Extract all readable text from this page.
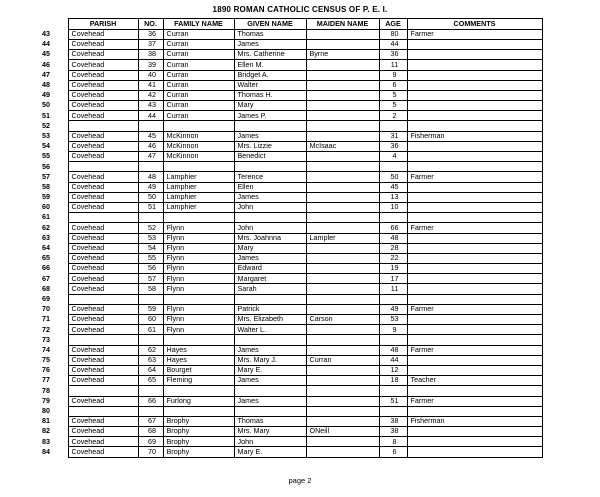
1890 ROMAN CATHOLIC CENSUS OF P. E. I.
	PARISH	NO.	FAMILY NAME	GIVEN NAME	MAIDEN NAME	AGE	COMMENTS
43	Covehead	36	Curran	Thomas		80	Farmer
44	Covehead	37	Curran	James		44	
45	Covehead	38	Curran	Mrs. Catherine	Byrne	36	
46	Covehead	39	Curran	Ellen M.		11	
47	Covehead	40	Curran	Bridget A.		9	
48	Covehead	41	Curran	Walter		6	
49	Covehead	42	Curran	Thomas H.		5	
50	Covehead	43	Curran	Mary		5	
51	Covehead	44	Curran	James P.		2	
52							
53	Covehead	45	McKinnon	James		31	Fisherman
54	Covehead	46	McKinnon	Mrs. Lizzie	McIsaac	36	
55	Covehead	47	McKinnon	Benedict		4	
56							
57	Covehead	48	Lamphier	Terence		50	Farmer
58	Covehead	49	Lamphier	Ellen		45	
59	Covehead	50	Lamphier	James		13	
60	Covehead	51	Lamphier	John		10	
61							
62	Covehead	52	Flynn	John		66	Farmer
63	Covehead	53	Flynn	Mrs. Joahnna	Lampler	48	
64	Covehead	54	Flynn	Mary		28	
65	Covehead	55	Flynn	James		22	
66	Covehead	56	Flynn	Edward		19	
67	Covehead	57	Flynn	Margaret		17	
68	Covehead	58	Flynn	Sarah		11	
69							
70	Covehead	59	Flynn	Patrick		49	Farmer
71	Covehead	60	Flynn	Mrs. Elizabeth	Carson	53	
72	Covehead	61	Flynn	Walter L.		9	
73							
74	Covehead	62	Hayes	James		48	Farmer
75	Covehead	63	Hayes	Mrs. Mary J.	Curran	44	
76	Covehead	64	Bourget	Mary E.		12	
77	Covehead	65	Fleming	James		18	Teacher
78							
79	Covehead	66	Furlong	James		51	Farmer
80							
81	Covehead	67	Brophy	Thomas		38	Fisherman
82	Covehead	68	Brophy	Mrs. Mary	ONeill	38	
83	Covehead	69	Brophy	John		8	
84	Covehead	70	Brophy	Mary E.		6	
page 2
